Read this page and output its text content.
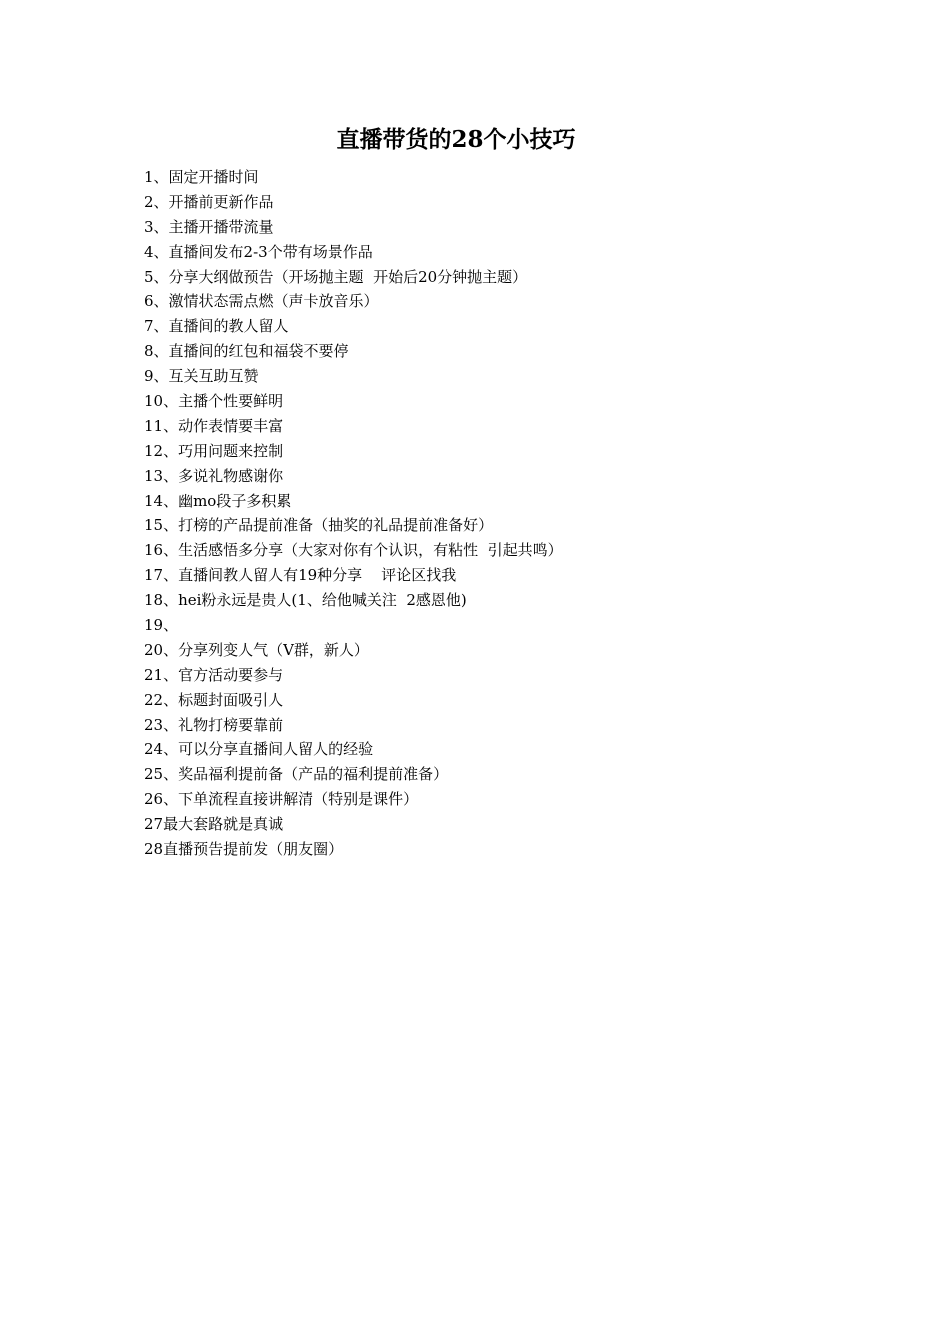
直播带货的28个小技巧
1、固定开播时间
2、开播前更新作品
3、主播开播带流量
4、直播间发布2-3个带有场景作品
5、分享大纲做预告（开场抛主题  开始后20分钟抛主题）
6、激情状态需点燃（声卡放音乐）
7、直播间的教人留人
8、直播间的红包和福袋不要停
9、互关互助互赞
10、主播个性要鲜明
11、动作表情要丰富
12、巧用问题来控制
13、多说礼物感谢你
14、幽mo段子多积累
15、打榜的产品提前准备（抽奖的礼品提前准备好）
16、生活感悟多分享（大家对你有个认识，有粘性  引起共鸣）
17、直播间教人留人有19种分享    评论区找我
18、hei粉永远是贵人(1、给他喊关注  2感恩他)
19、
20、分享列变人气（V群，新人）
21、官方活动要参与
22、标题封面吸引人
23、礼物打榜要靠前
24、可以分享直播间人留人的经验
25、奖品福利提前备（产品的福利提前准备）
26、下单流程直接讲解清（特别是课件）
27最大套路就是真诚
28直播预告提前发（朋友圈）
